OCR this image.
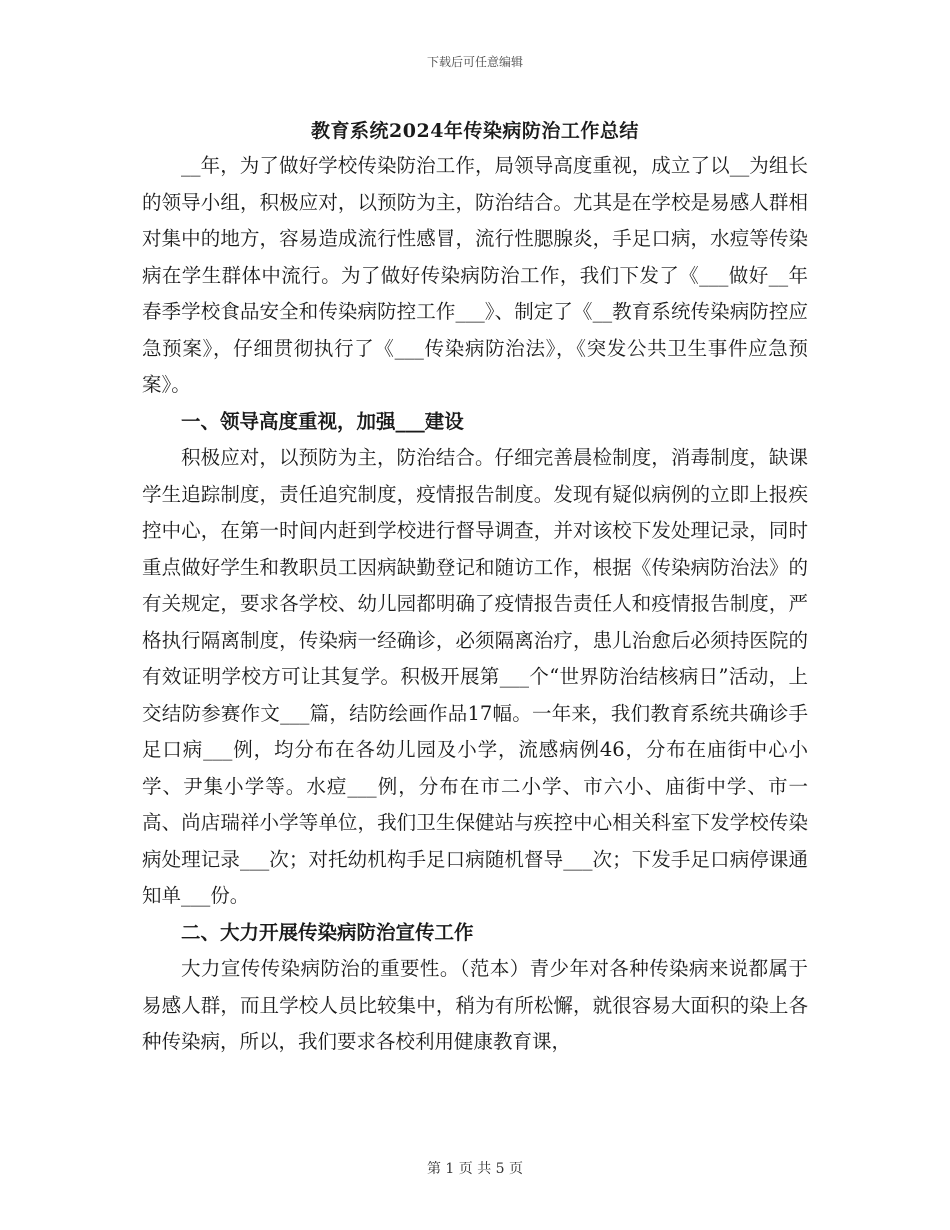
下载后可任意编辑
教育系统2024年传染病防治工作总结

__年，为了做好学校传染防治工作，局领导高度重视，成立了以__为组长的领导小组，积极应对，以预防为主，防治结合。尤其是在学校是易感人群相对集中的地方，容易造成流行性感冒，流行性腮腺炎，手足口病，水痘等传染病在学生群体中流行。为了做好传染病防治工作，我们下发了《___做好__年春季学校食品安全和传染病防控工作___》、制定了《__教育系统传染病防控应急预案》，仔细贯彻执行了《___传染病防治法》，《突发公共卫生事件应急预案》。

一、领导高度重视，加强___建设

积极应对，以预防为主，防治结合。仔细完善晨检制度，消毒制度，缺课学生追踪制度，责任追究制度，疫情报告制度。发现有疑似病例的立即上报疾控中心，在第一时间内赶到学校进行督导调查，并对该校下发处理记录，同时重点做好学生和教职员工因病缺勤登记和随访工作，根据《传染病防治法》的有关规定，要求各学校、幼儿园都明确了疫情报告责任人和疫情报告制度，严格执行隔离制度，传染病一经确诊，必须隔离治疗，患儿治愈后必须持医院的有效证明学校方可让其复学。积极开展第___个“世界防治结核病日”活动，上交结防参赛作文___篇，结防绘画作品17幅。一年来，我们教育系统共确诊手足口病___例，均分布在各幼儿园及小学，流感病例46，分布在庙街中心小学、尹集小学等。水痘___例，分布在市二小学、市六小、庙街中学、市一高、尚店瑞祥小学等单位，我们卫生保健站与疾控中心相关科室下发学校传染病处理记录___次；对托幼机构手足口病随机督导___次；下发手足口病停课通知单___份。

二、大力开展传染病防治宣传工作

大力宣传传染病防治的重要性。（范本）青少年对各种传染病来说都属于易感人群，而且学校人员比较集中，稍为有所松懈，就很容易大面积的染上各种传染病，所以，我们要求各校利用健康教育课，

第 1 页 共 5 页
